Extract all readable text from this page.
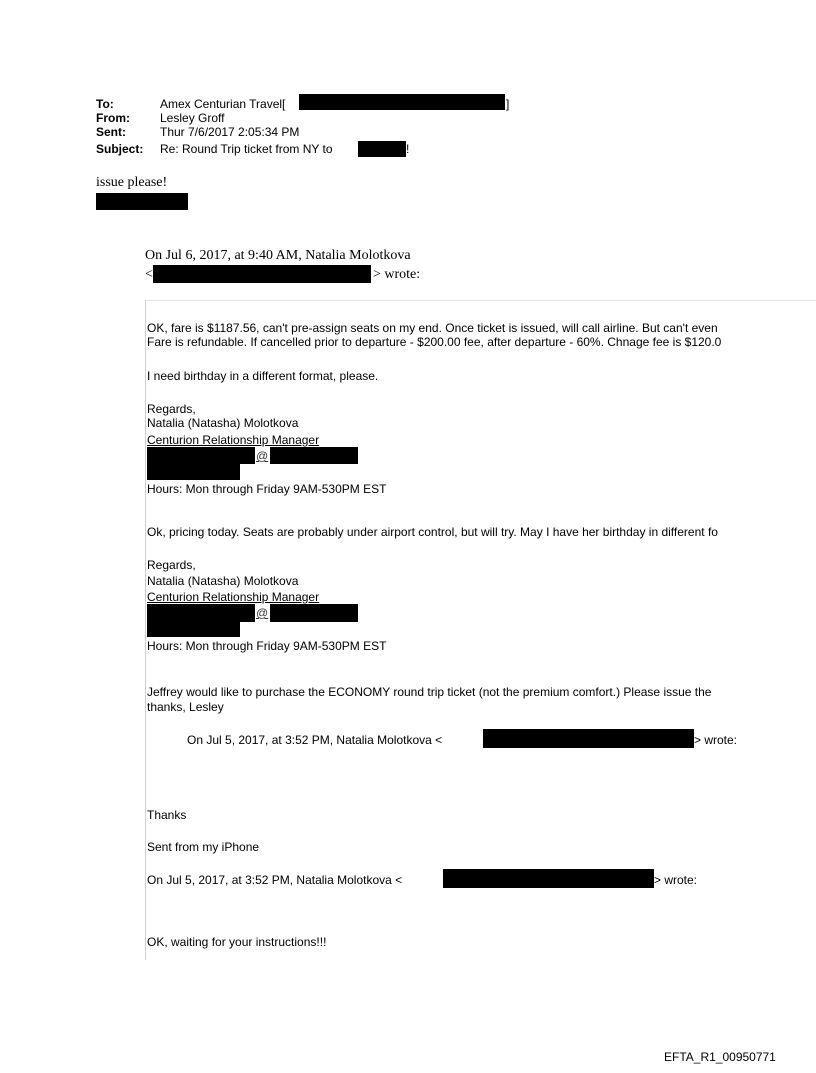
To:	Amex Centurian Travel[	]
From:	Lesley Groff
Sent:	Thur 7/6/2017 2:05:34 PM
Subject: Re: Round Trip ticket from NY to	!
issue please!
On Jul 6, 2017, at 9:40 AM, Natalia Molotkova
<	> wrote:
OK, fare is $1187.56, can't pre-assign seats on my end. Once ticket is issued, will call airline. But can't even
Fare is refundable. If cancelled prior to departure - $200.00 fee, after departure - 60%. Chnage fee is $120.0
I need birthday in a different format, please.
Regards,
Natalia (Natasha) Molotkova
Centurion Relationship Manager
@
Hours: Mon through Friday 9AM-530PM EST
Ok, pricing today. Seats are probably under airport control, but will try. May I have her birthday in different fo
Regards,
Natalia (Natasha) Molotkova
Centurion Relationship Manager
@
Hours: Mon through Friday 9AM-530PM EST
Jeffrey would like to purchase the ECONOMY round trip ticket (not the premium comfort.) Please issue the
thanks, Lesley
On Jul 5, 2017, at 3:52 PM, Natalia Molotkova <	> wrote:
Thanks
Sent from my iPhone
On Jul 5, 2017, at 3:52 PM, Natalia Molotkova <	> wrote:
OK, waiting for your instructions!!!
EFTA_R1_00950771
